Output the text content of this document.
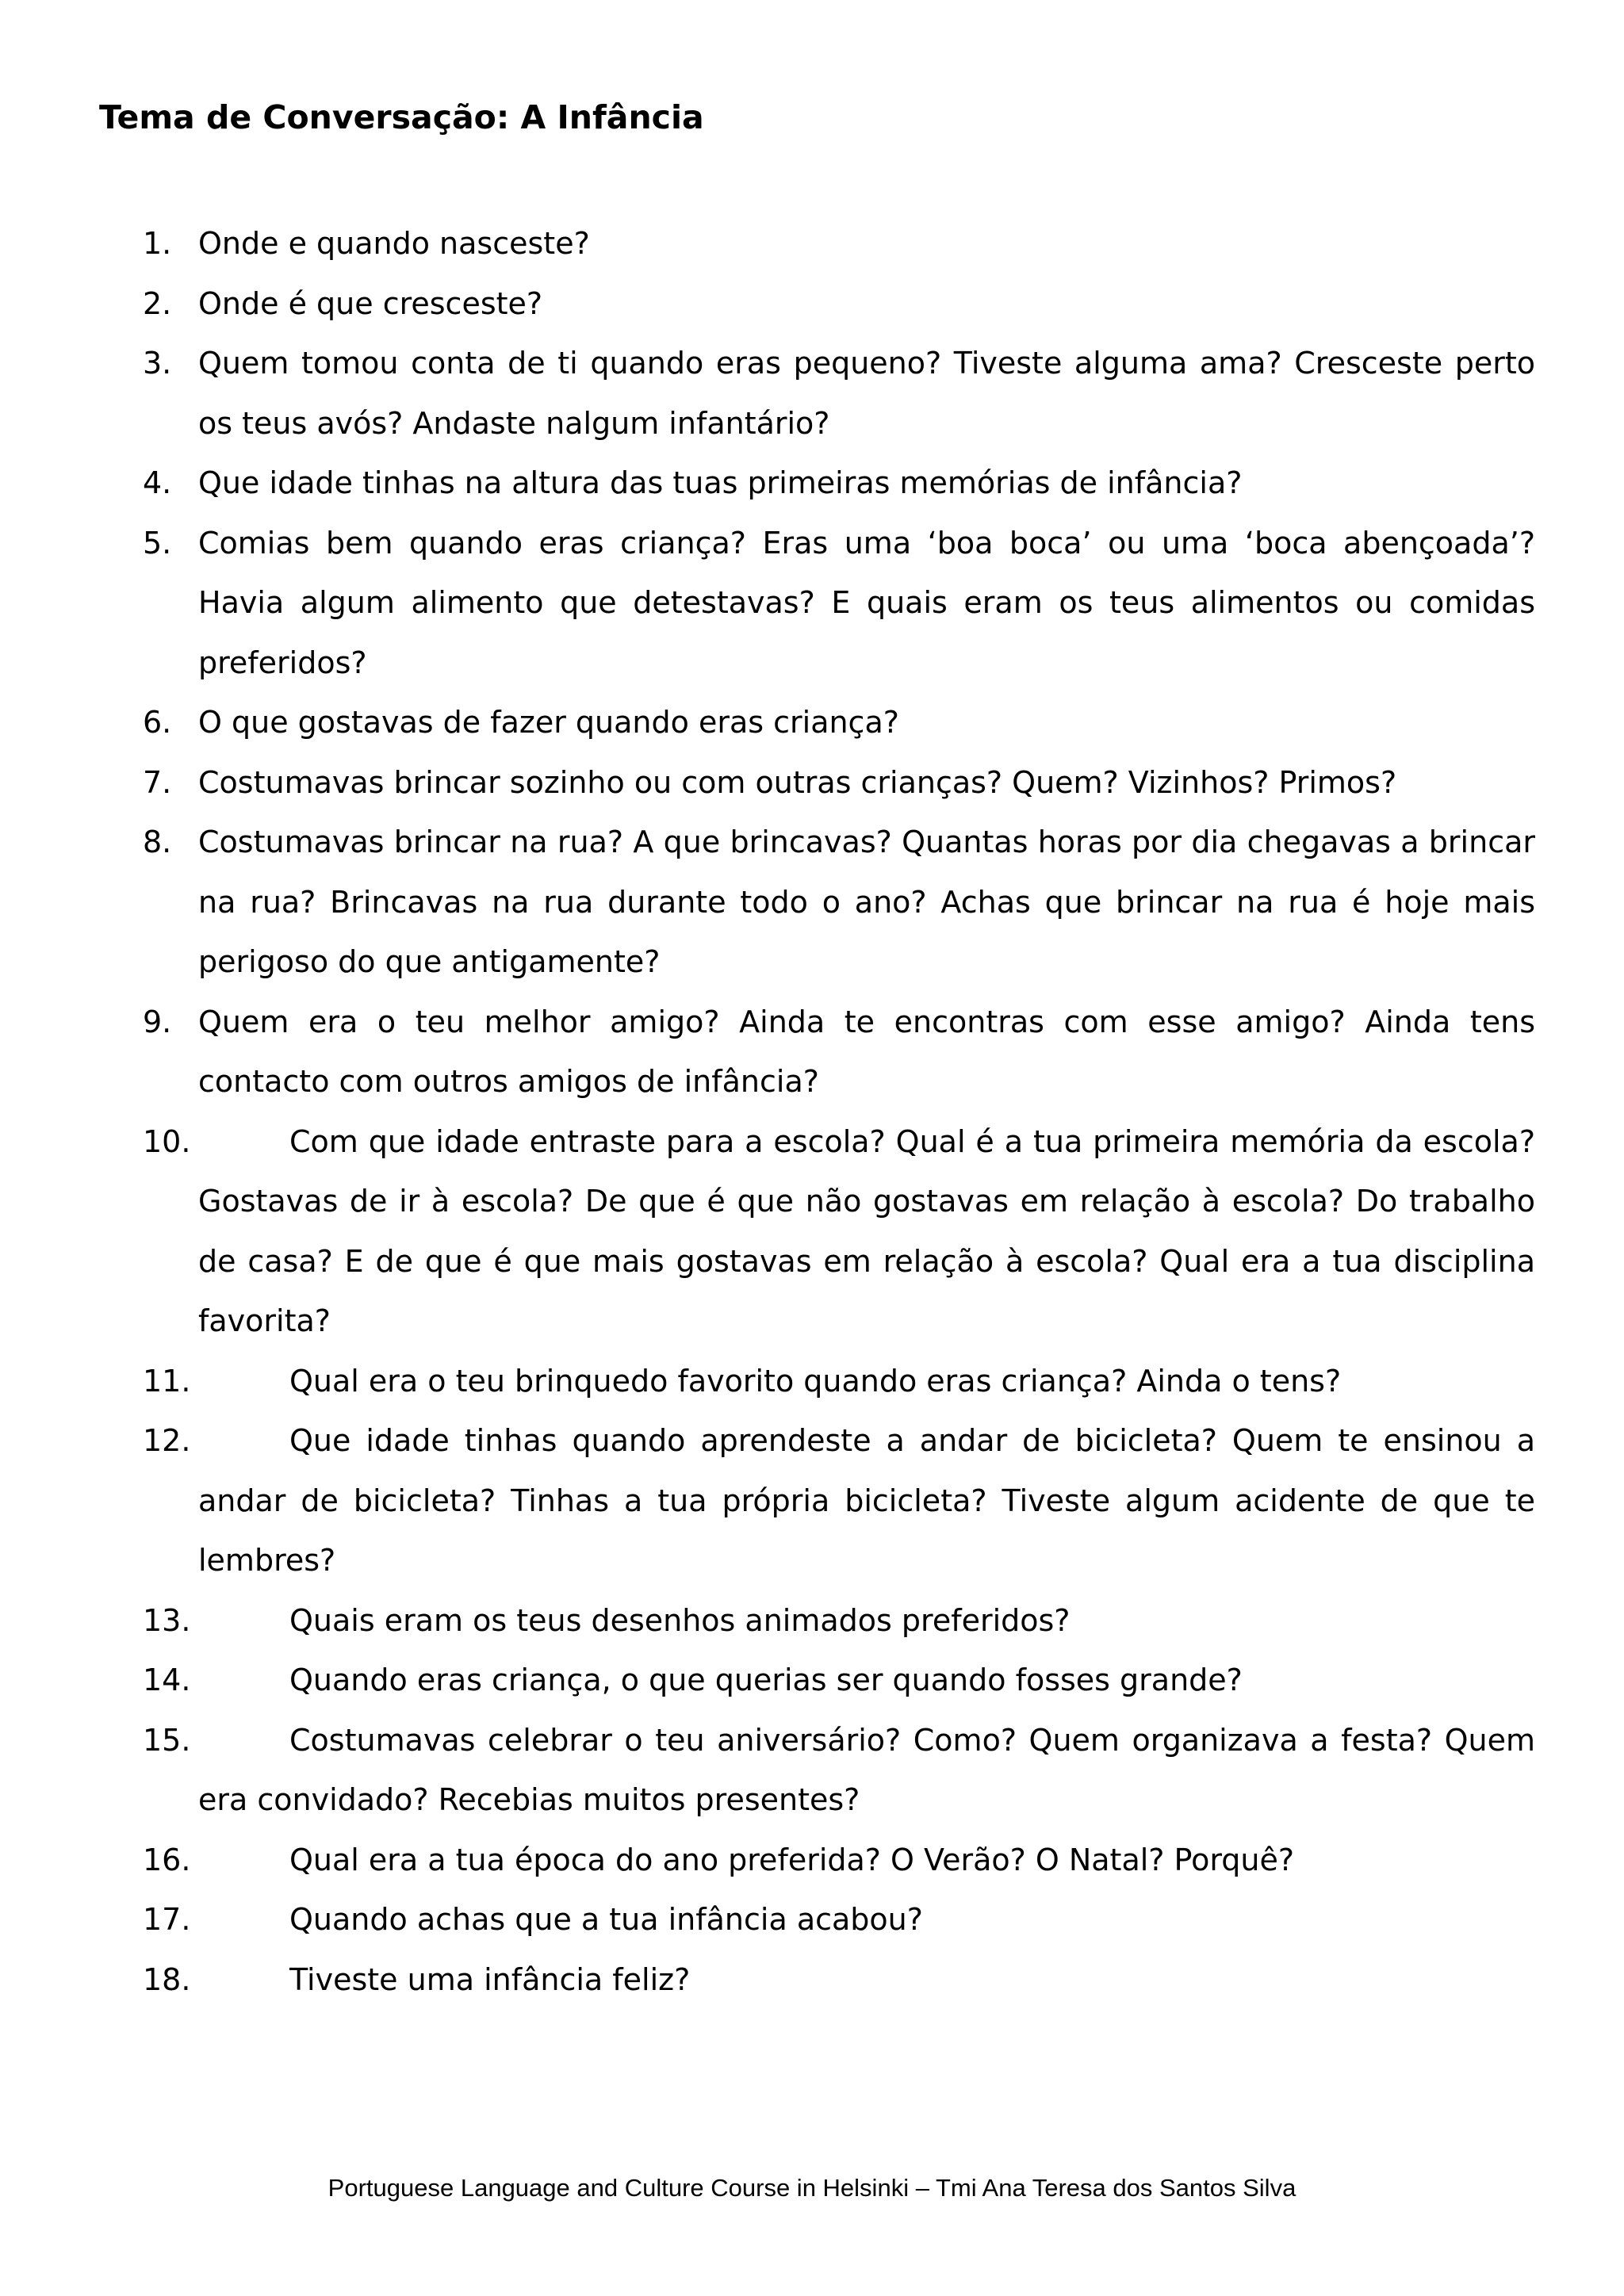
Tema de Conversação: A Infância
1. Onde e quando nasceste?
2. Onde é que cresceste?
3. Quem tomou conta de ti quando eras pequeno? Tiveste alguma ama? Cresceste perto os teus avós? Andaste nalgum infantário?
4. Que idade tinhas na altura das tuas primeiras memórias de infância?
5. Comias bem quando eras criança? Eras uma ‘boa boca’ ou uma ‘boca abençoada’? Havia algum alimento que detestavas? E quais eram os teus alimentos ou comidas preferidos?
6. O que gostavas de fazer quando eras criança?
7. Costumavas brincar sozinho ou com outras crianças? Quem? Vizinhos? Primos?
8. Costumavas brincar na rua? A que brincavas? Quantas horas por dia chegavas a brincar na rua? Brincavas na rua durante todo o ano? Achas que brincar na rua é hoje mais perigoso do que antigamente?
9. Quem era o teu melhor amigo? Ainda te encontras com esse amigo? Ainda tens contacto com outros amigos de infância?
10.	Com que idade entraste para a escola? Qual é a tua primeira memória da escola? Gostavas de ir à escola? De que é que não gostavas em relação à escola? Do trabalho de casa? E de que é que mais gostavas em relação à escola? Qual era a tua disciplina favorita?
11.	Qual era o teu brinquedo favorito quando eras criança? Ainda o tens?
12.	Que idade tinhas quando aprendeste a andar de bicicleta? Quem te ensinou a andar de bicicleta? Tinhas a tua própria bicicleta? Tiveste algum acidente de que te lembres?
13.	Quais eram os teus desenhos animados preferidos?
14.	Quando eras criança, o que querias ser quando fosses grande?
15.	Costumavas celebrar o teu aniversário? Como? Quem organizava a festa? Quem era convidado? Recebias muitos presentes?
16.	Qual era a tua época do ano preferida? O Verão? O Natal? Porquê?
17.	Quando achas que a tua infância acabou?
18.	Tiveste uma infância feliz?

Portuguese Language and Culture Course in Helsinki – Tmi Ana Teresa dos Santos Silva
